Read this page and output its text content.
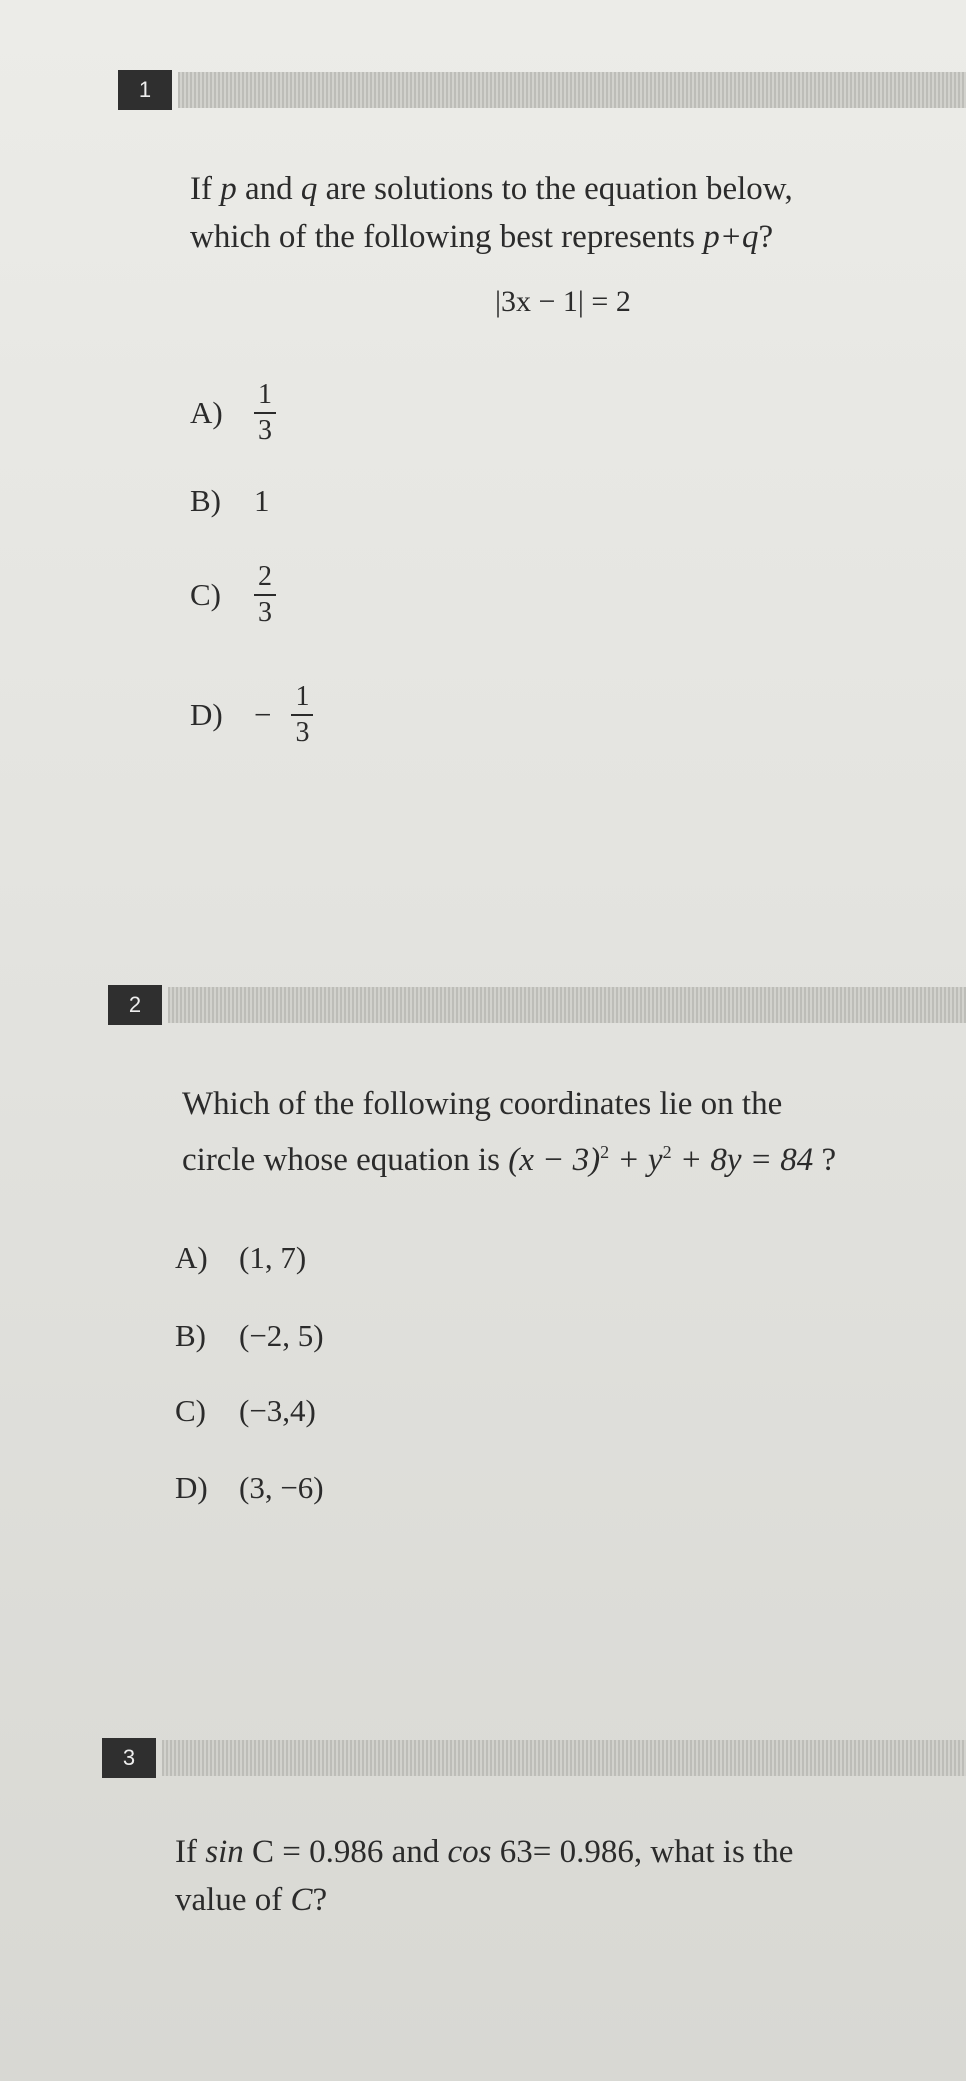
1
If p and q are solutions to the equation below,
which of the following best represents p+q?
|3x − 1| = 2
A)	$\frac{1}{3}$
B)	1
C)	$\frac{2}{3}$
D)	− $\frac{1}{3}$
2
Which of the following coordinates lie on the
circle whose equation is $(x - 3)^2 + y^2 + 8y = 84$ ?
A)	(1, 7)
B)	(−2, 5)
C)	(−3,4)
D)	(3, −6)
3
If sin C = 0.986 and cos 63= 0.986, what is the
value of C?
